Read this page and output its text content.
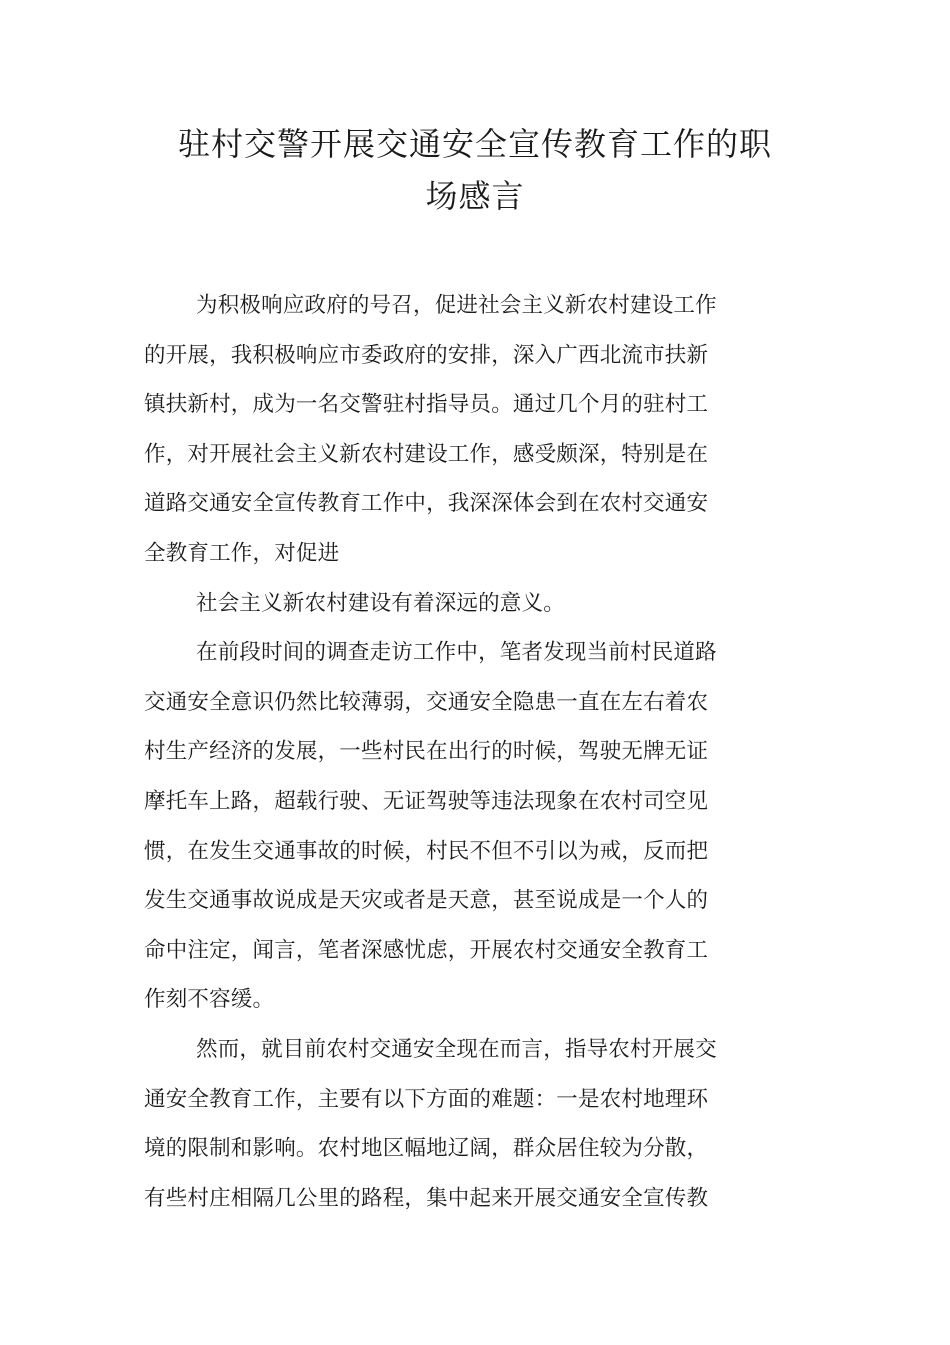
驻村交警开展交通安全宣传教育工作的职
场感言
为积极响应政府的号召，促进社会主义新农村建设工作
的开展，我积极响应市委政府的安排，深入广西北流市扶新
镇扶新村，成为一名交警驻村指导员。通过几个月的驻村工
作，对开展社会主义新农村建设工作，感受颇深，特别是在
道路交通安全宣传教育工作中，我深深体会到在农村交通安
全教育工作，对促进
社会主义新农村建设有着深远的意义。
在前段时间的调查走访工作中，笔者发现当前村民道路
交通安全意识仍然比较薄弱，交通安全隐患一直在左右着农
村生产经济的发展，一些村民在出行的时候，驾驶无牌无证
摩托车上路，超载行驶、无证驾驶等违法现象在农村司空见
惯，在发生交通事故的时候，村民不但不引以为戒，反而把
发生交通事故说成是天灾或者是天意，甚至说成是一个人的
命中注定，闻言，笔者深感忧虑，开展农村交通安全教育工
作刻不容缓。
然而，就目前农村交通安全现在而言，指导农村开展交
通安全教育工作，主要有以下方面的难题：一是农村地理环
境的限制和影响。农村地区幅地辽阔，群众居住较为分散，
有些村庄相隔几公里的路程，集中起来开展交通安全宣传教
